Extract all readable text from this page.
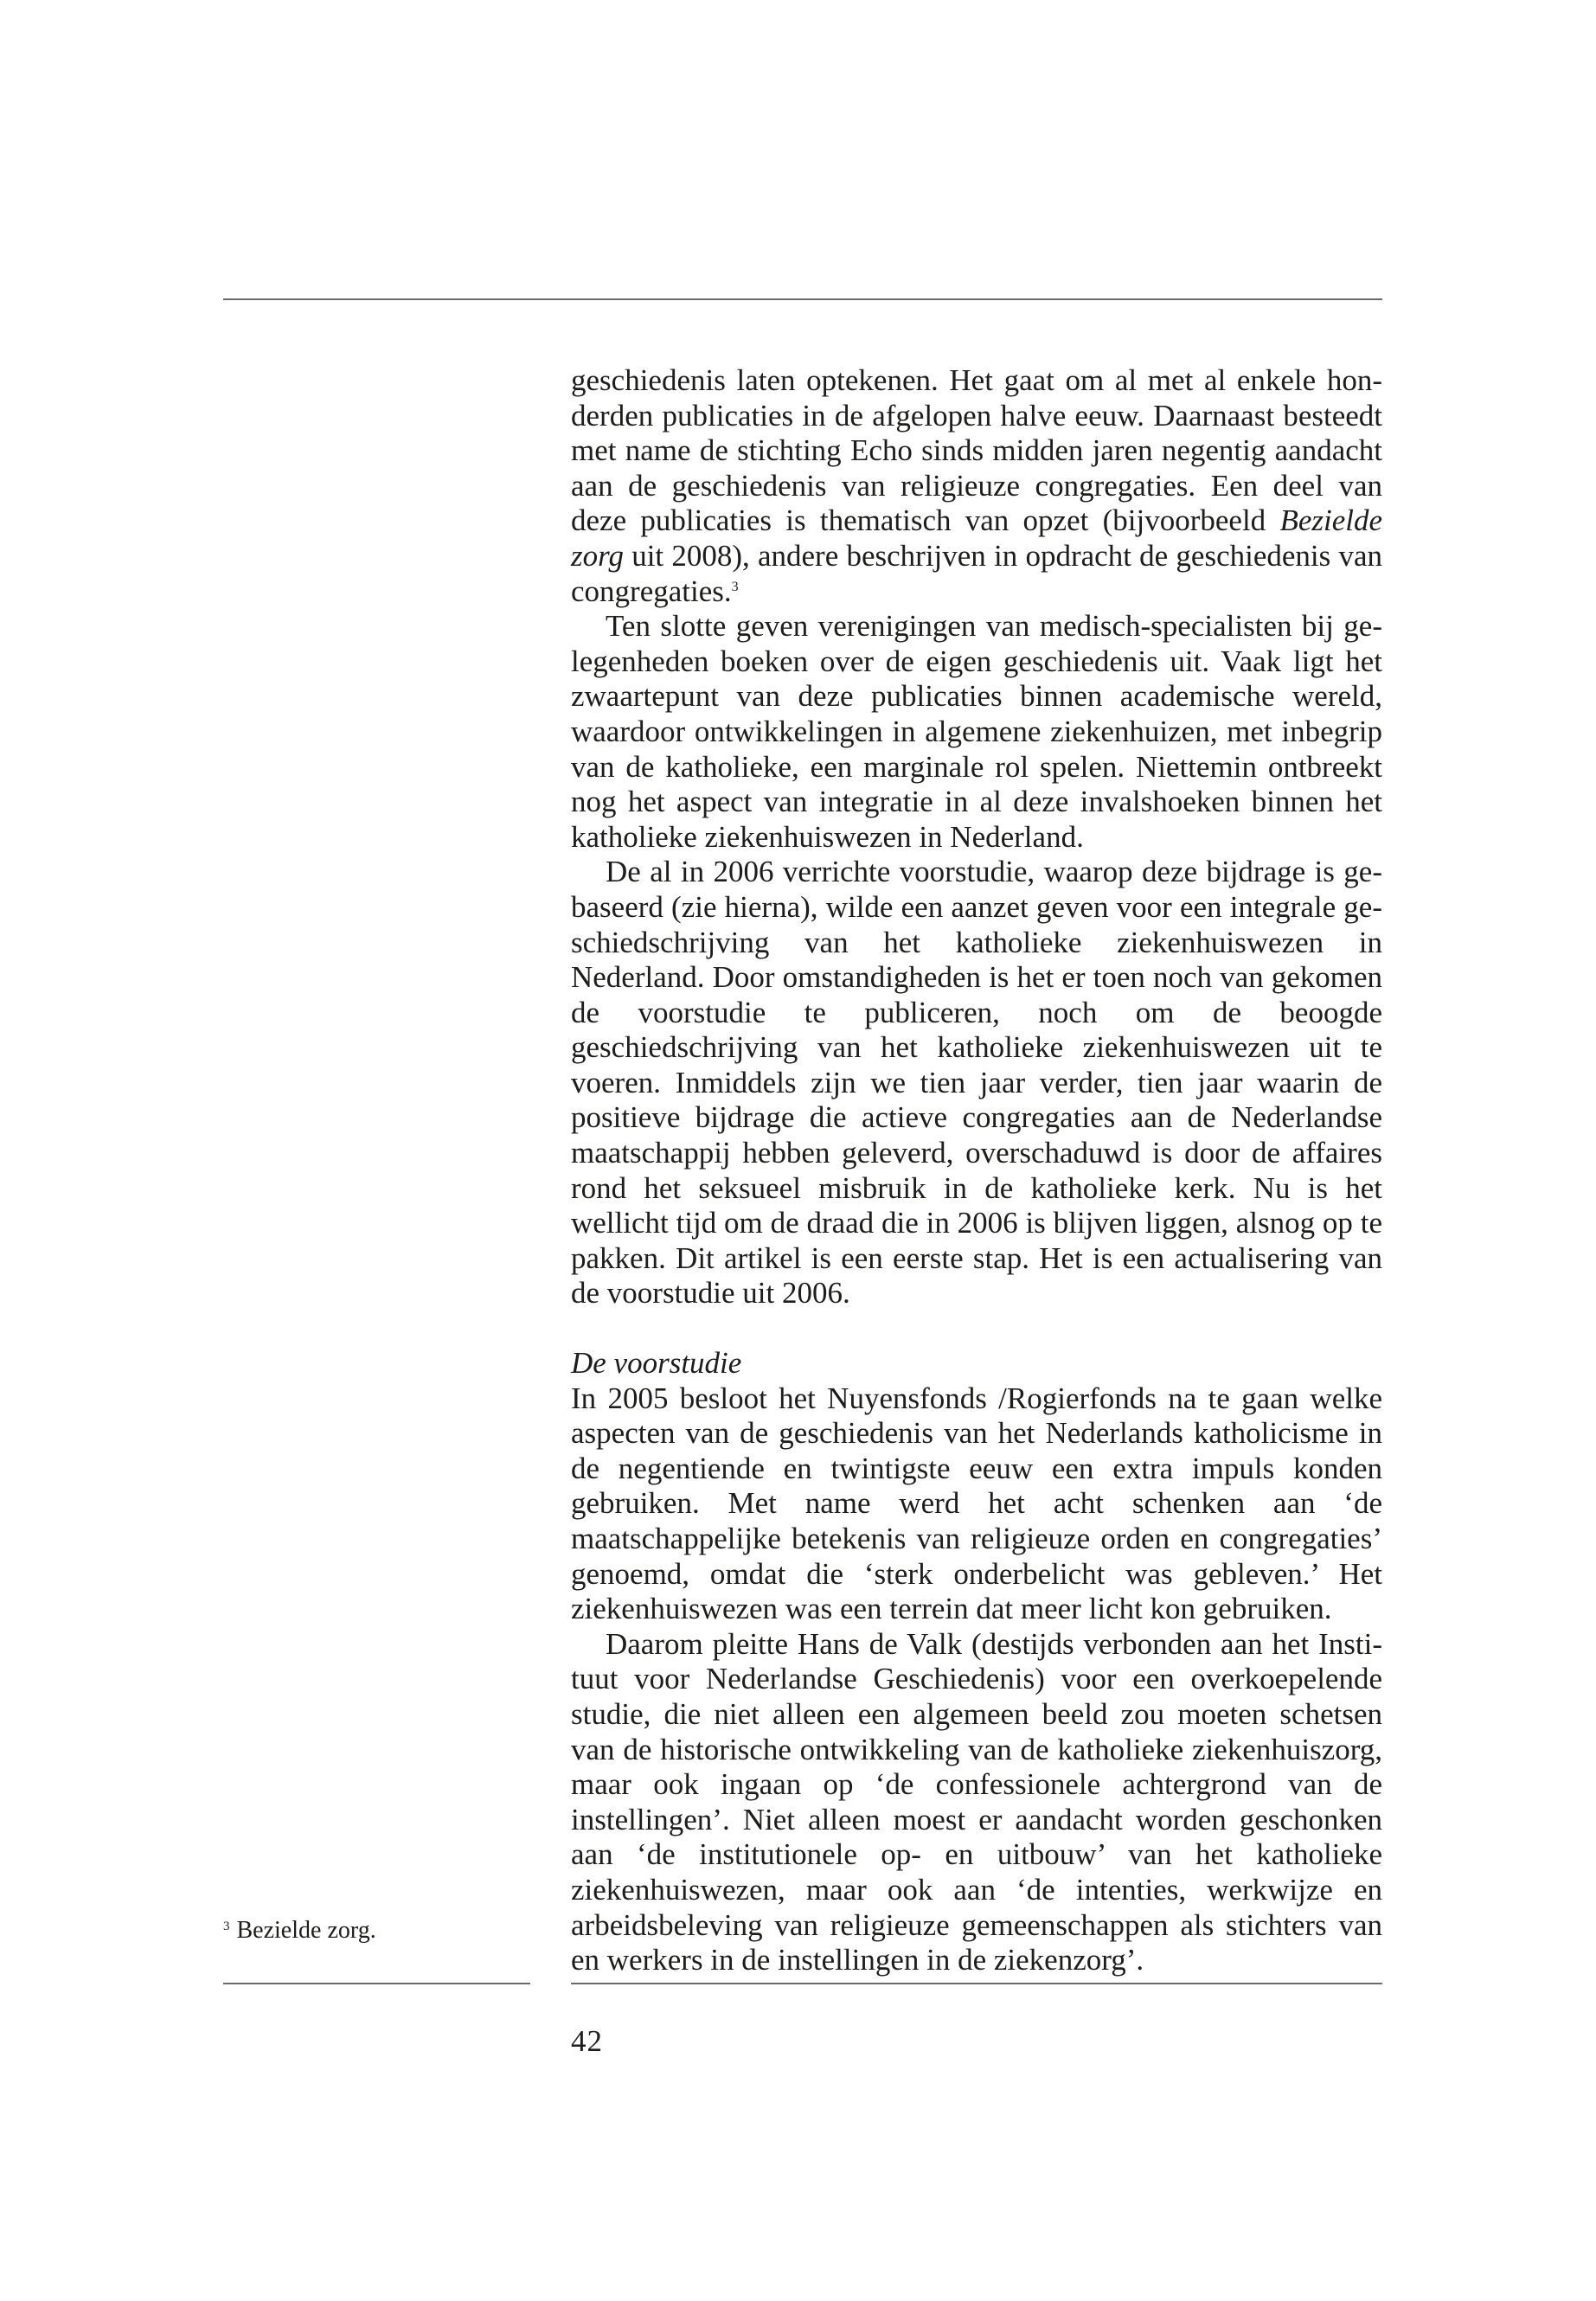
geschiedenis laten optekenen. Het gaat om al met al enkele honderden publicaties in de afgelopen halve eeuw. Daarnaast besteedt met name de stichting Echo sinds midden jaren negentig aandacht aan de geschiedenis van religieuze congregaties. Een deel van deze publicaties is thematisch van opzet (bijvoorbeeld Bezielde zorg uit 2008), andere beschrijven in opdracht de geschiedenis van congregaties.$^3$

Ten slotte geven verenigingen van medisch-specialisten bij gelegenheden boeken over de eigen geschiedenis uit. Vaak ligt het zwaartepunt van deze publicaties binnen academische wereld, waardoor ontwikkelingen in algemene ziekenhuizen, met inbegrip van de katholieke, een marginale rol spelen. Niettemin ontbreekt nog het aspect van integratie in al deze invalshoeken binnen het katholieke ziekenhuiswezen in Nederland.

De al in 2006 verrichte voorstudie, waarop deze bijdrage is gebaseerd (zie hierna), wilde een aanzet geven voor een integrale geschiedschrijving van het katholieke ziekenhuiswezen in Nederland. Door omstandigheden is het er toen noch van gekomen de voorstudie te publiceren, noch om de beoogde geschiedschrijving van het katholieke ziekenhuiswezen uit te voeren. Inmiddels zijn we tien jaar verder, tien jaar waarin de positieve bijdrage die actieve congregaties aan de Nederlandse maatschappij hebben geleverd, overschaduwd is door de affaires rond het seksueel misbruik in de katholieke kerk. Nu is het wellicht tijd om de draad die in 2006 is blijven liggen, alsnog op te pakken. Dit artikel is een eerste stap. Het is een actualisering van de voorstudie uit 2006.

De voorstudie

In 2005 besloot het Nuyensfonds /Rogierfonds na te gaan welke aspecten van de geschiedenis van het Nederlands katholicisme in de negentiende en twintigste eeuw een extra impuls konden gebruiken. Met name werd het acht schenken aan ‘de maatschappelijke betekenis van religieuze orden en congregaties’ genoemd, omdat die ‘sterk onderbelicht was gebleven.’ Het ziekenhuiswezen was een terrein dat meer licht kon gebruiken.

Daarom pleitte Hans de Valk (destijds verbonden aan het Instituut voor Nederlandse Geschiedenis) voor een overkoepelende studie, die niet alleen een algemeen beeld zou moeten schetsen van de historische ontwikkeling van de katholieke ziekenhuiszorg, maar ook ingaan op ‘de confessionele achtergrond van de instellingen’. Niet alleen moest er aandacht worden geschonken aan ‘de institutionele op- en uitbouw’ van het katholieke ziekenhuiswezen, maar ook aan ‘de intenties, werkwijze en arbeidsbeleving van religieuze gemeenschappen als stichters van en werkers in de instellingen in de ziekenzorg’.

$^3$ Bezielde zorg.
42
